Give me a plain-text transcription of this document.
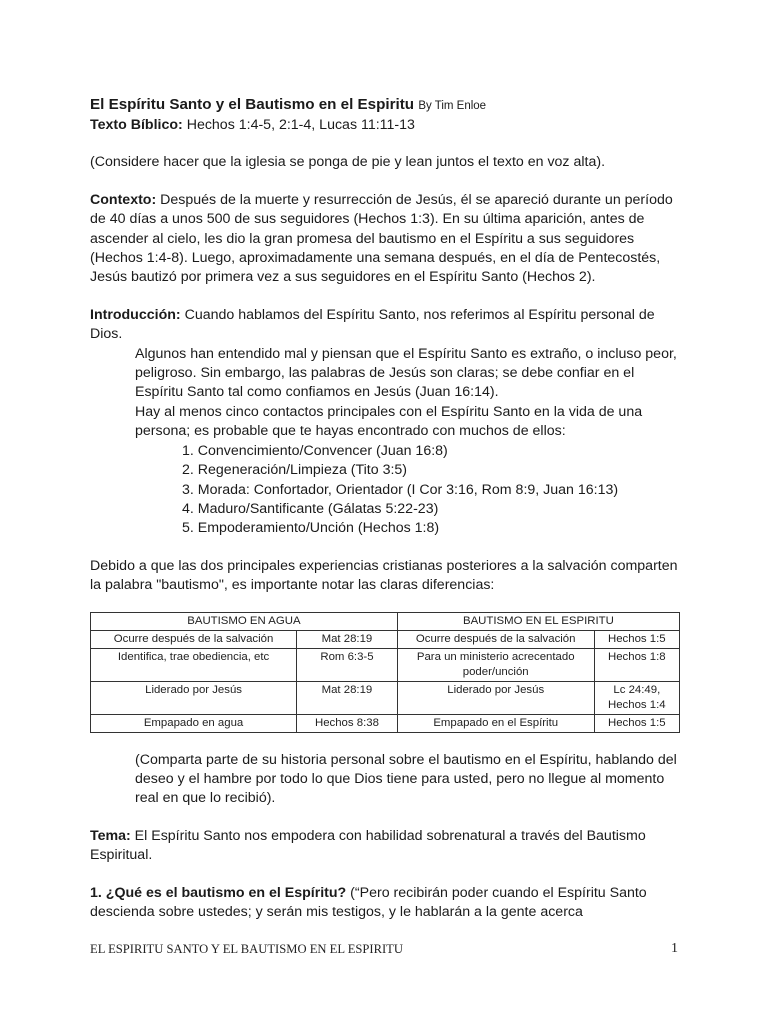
El Espíritu Santo y el Bautismo en el Espiritu By Tim Enloe

Texto Bíblico: Hechos 1:4-5, 2:1-4, Lucas 11:11-13

(Considere hacer que la iglesia se ponga de pie y lean juntos el texto en voz alta).

Contexto: Después de la muerte y resurrección de Jesús, él se apareció durante un período de 40 días a unos 500 de sus seguidores (Hechos 1:3). En su última aparición, antes de ascender al cielo, les dio la gran promesa del bautismo en el Espíritu a sus seguidores (Hechos 1:4-8). Luego, aproximadamente una semana después, en el día de Pentecostés, Jesús bautizó por primera vez a sus seguidores en el Espíritu Santo (Hechos 2).

Introducción: Cuando hablamos del Espíritu Santo, nos referimos al Espíritu personal de Dios.

Algunos han entendido mal y piensan que el Espíritu Santo es extraño, o incluso peor, peligroso. Sin embargo, las palabras de Jesús son claras; se debe confiar en el Espíritu Santo tal como confiamos en Jesús (Juan 16:14).

Hay al menos cinco contactos principales con el Espíritu Santo en la vida de una persona; es probable que te hayas encontrado con muchos de ellos:

1. Convencimiento/Convencer (Juan 16:8)

2. Regeneración/Limpieza (Tito 3:5)

3. Morada: Confortador, Orientador (I Cor 3:16, Rom 8:9, Juan 16:13)

4. Maduro/Santificante (Gálatas 5:22-23)

5. Empoderamiento/Unción (Hechos 1:8)

Debido a que las dos principales experiencias cristianas posteriores a la salvación comparten la palabra "bautismo", es importante notar las claras diferencias:

BAUTISMO EN AGUA		BAUTISMO EN EL ESPIRITU	
Ocurre después de la salvación	Mat 28:19	Ocurre después de la salvación	Hechos 1:5
Identifica, trae obediencia, etc	Rom 6:3-5	Para un ministerio acrecentado poder/unción	Hechos 1:8
Liderado por Jesús	Mat 28:19	Liderado por Jesús	Lc 24:49, Hechos 1:4
Empapado en agua	Hechos 8:38	Empapado en el Espíritu	Hechos 1:5

(Comparta parte de su historia personal sobre el bautismo en el Espíritu, hablando del deseo y el hambre por todo lo que Dios tiene para usted, pero no llegue al momento real en que lo recibió).

Tema: El Espíritu Santo nos empodera con habilidad sobrenatural a través del Bautismo Espiritual.

1. ¿Qué es el bautismo en el Espíritu? (“Pero recibirán poder cuando el Espíritu Santo descienda sobre ustedes; y serán mis testigos, y le hablarán a la gente acerca

EL ESPIRITU SANTO Y EL BAUTISMO EN EL ESPIRITU	1
